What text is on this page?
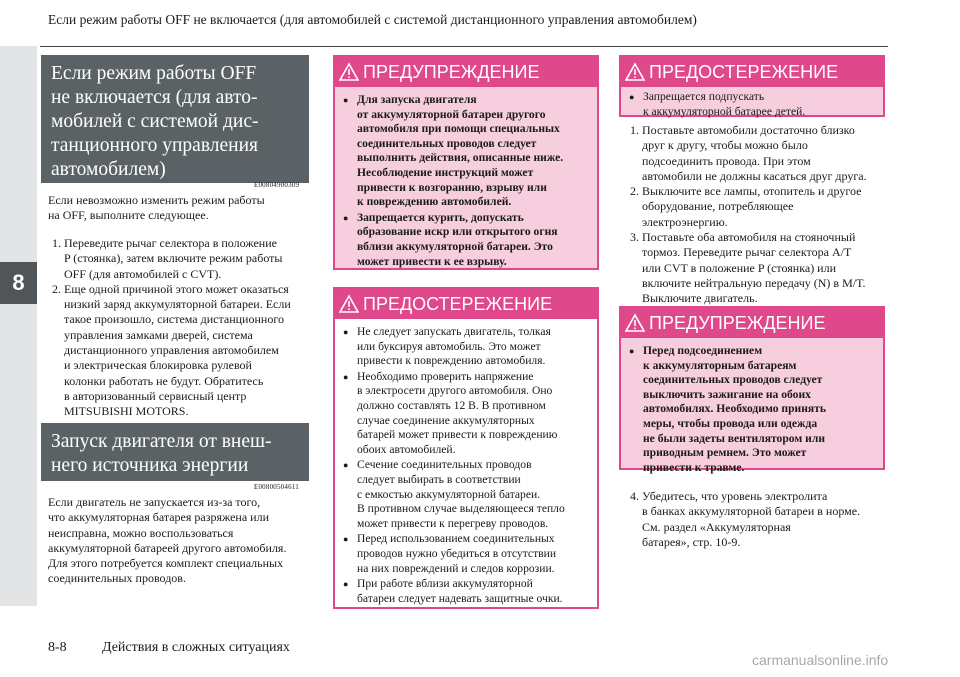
Если режим работы OFF не включается (для автомобилей с системой дистанционного управления автомобилем)
8
Если режим работы OFF
не включается (для авто-
мобилей с системой дис-
танционного управления
автомобилем)
E00804900309
Если невозможно изменить режим работы
на OFF, выполните следующее.
1. Переведите рычаг селектора в положение
P (стоянка), затем включите режим работы
OFF (для автомобилей с CVT).
2. Еще одной причиной этого может оказаться
низкий заряд аккумуляторной батареи. Если
такое произошло, система дистанционного
управления замками дверей, система
дистанционного управления автомобилем
и электрическая блокировка рулевой
колонки работать не будут. Обратитесь
в авторизованный сервисный центр
MITSUBISHI MOTORS.
Запуск двигателя от внеш-
него источника энергии
E00800504611
Если двигатель не запускается из-за того,
что аккумуляторная батарея разряжена или
неисправна, можно воспользоваться
аккумуляторной батареей другого автомобиля.
Для этого потребуется комплект специальных
соединительных проводов.
ПРЕДУПРЕЖДЕНИЕ
● Для запуска двигателя
от аккумуляторной батареи другого
автомобиля при помощи специальных
соединительных проводов следует
выполнить действия, описанные ниже.
Несоблюдение инструкций может
привести к возгоранию, взрыву или
к повреждению автомобилей.
● Запрещается курить, допускать
образование искр или открытого огня
вблизи аккумуляторной батареи. Это
может привести к ее взрыву.
ПРЕДОСТЕРЕЖЕНИЕ
● Не следует запускать двигатель, толкая
или буксируя автомобиль. Это может
привести к повреждению автомобиля.
● Необходимо проверить напряжение
в электросети другого автомобиля. Оно
должно составлять 12 В. В противном
случае соединение аккумуляторных
батарей может привести к повреждению
обоих автомобилей.
● Сечение соединительных проводов
следует выбирать в соответствии
с емкостью аккумуляторной батареи.
В противном случае выделяющееся тепло
может привести к перегреву проводов.
● Перед использованием соединительных
проводов нужно убедиться в отсутствии
на них повреждений и следов коррозии.
● При работе вблизи аккумуляторной
батареи следует надевать защитные очки.
ПРЕДОСТЕРЕЖЕНИЕ
● Запрещается подпускать
к аккумуляторной батарее детей.
1. Поставьте автомобили достаточно близко
друг к другу, чтобы можно было
подсоединить провода. При этом
автомобили не должны касаться друг друга.
2. Выключите все лампы, отопитель и другое
оборудование, потребляющее
электроэнергию.
3. Поставьте оба автомобиля на стояночный
тормоз. Переведите рычаг селектора A/T
или CVT в положение P (стоянка) или
включите нейтральную передачу (N) в M/T.
Выключите двигатель.
ПРЕДУПРЕЖДЕНИЕ
● Перед подсоединением
к аккумуляторным батареям
соединительных проводов следует
выключить зажигание на обоих
автомобилях. Необходимо принять
меры, чтобы провода или одежда
не были задеты вентилятором или
приводным ремнем. Это может
привести к травме.
4. Убедитесь, что уровень электролита
в банках аккумуляторной батареи в норме.
См. раздел «Аккумуляторная
батарея», стр. 10-9.
8-8	Действия в сложных ситуациях
carmanualsonline.info
